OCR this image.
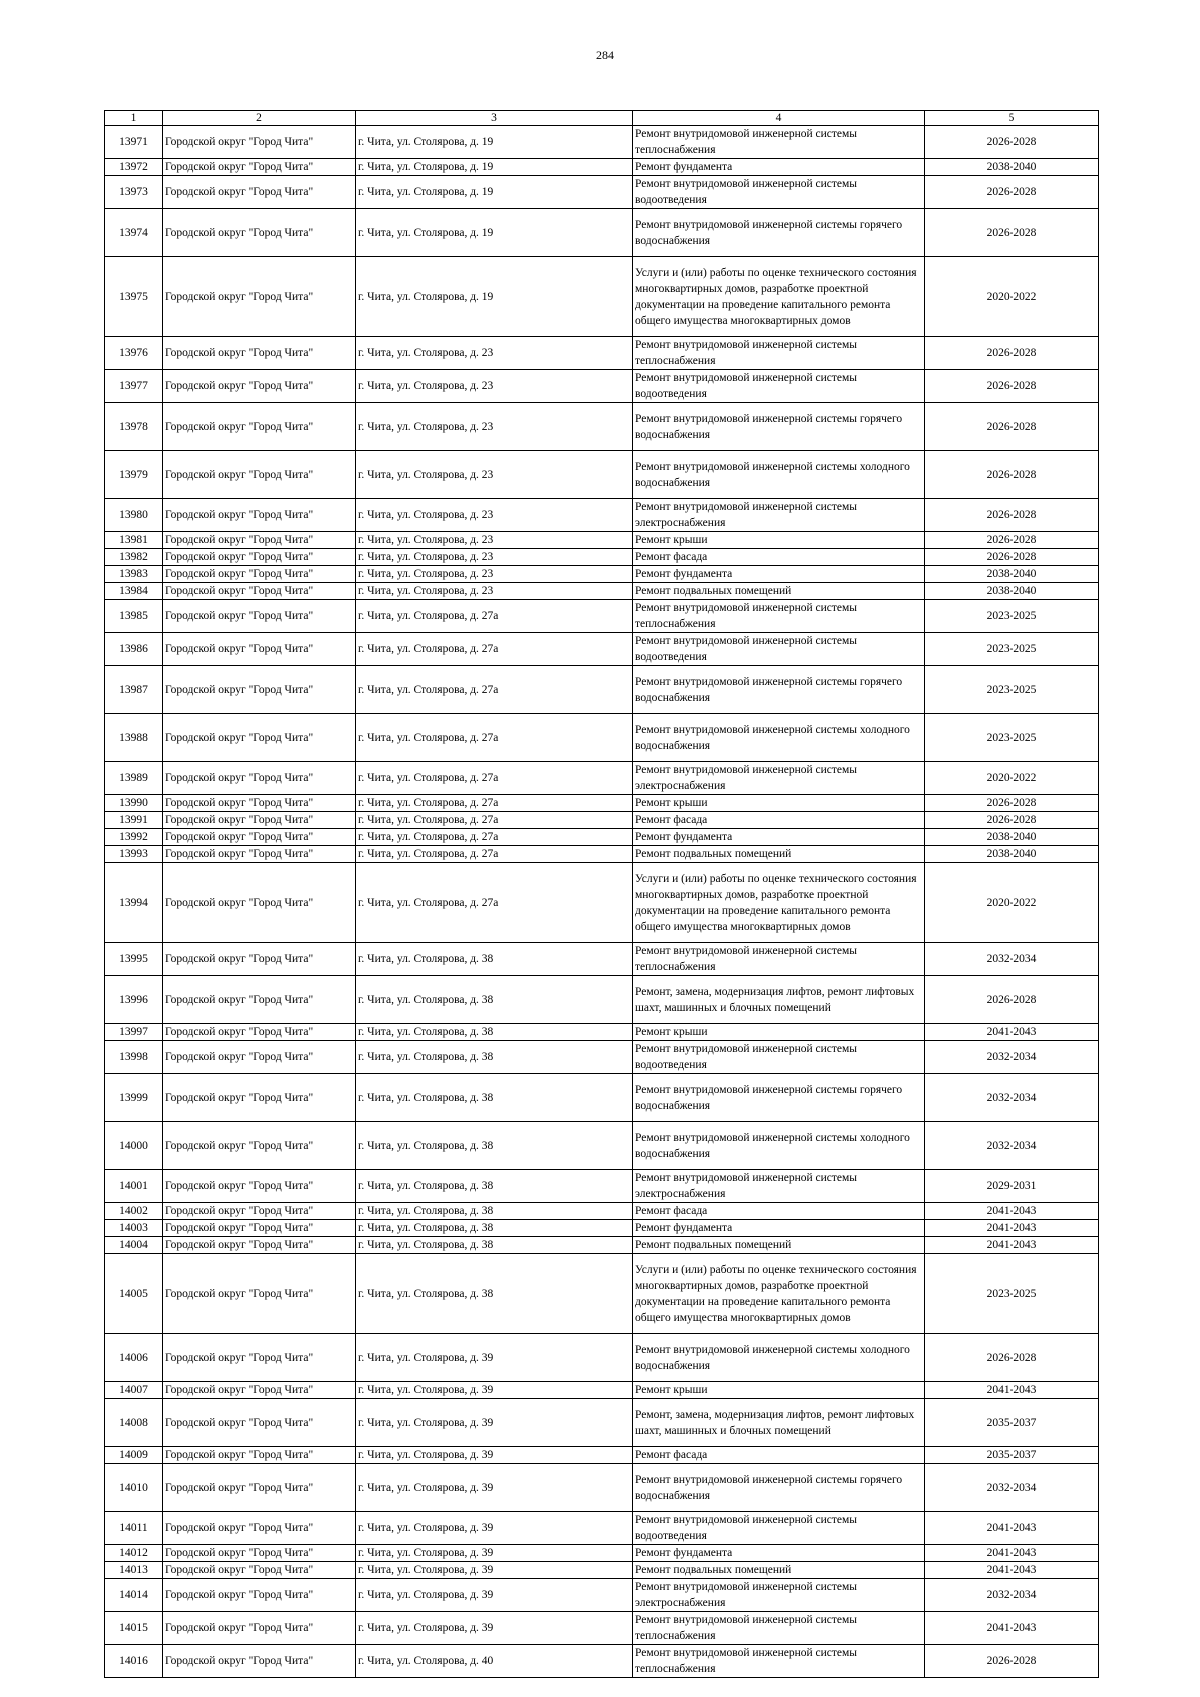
284
1	2	3	4	5
13971	Городской округ "Город Чита"	г. Чита, ул. Столярова, д. 19	Ремонт внутридомовой инженерной системы теплоснабжения	2026-2028
13972	Городской округ "Город Чита"	г. Чита, ул. Столярова, д. 19	Ремонт фундамента	2038-2040
13973	Городской округ "Город Чита"	г. Чита, ул. Столярова, д. 19	Ремонт внутридомовой инженерной системы водоотведения	2026-2028
13974	Городской округ "Город Чита"	г. Чита, ул. Столярова, д. 19	Ремонт внутридомовой инженерной системы горячего водоснабжения	2026-2028
13975	Городской округ "Город Чита"	г. Чита, ул. Столярова, д. 19	Услуги и (или) работы по оценке технического состояния многоквартирных домов, разработке проектной документации на проведение капитального ремонта общего имущества многоквартирных домов	2020-2022
13976	Городской округ "Город Чита"	г. Чита, ул. Столярова, д. 23	Ремонт внутридомовой инженерной системы теплоснабжения	2026-2028
13977	Городской округ "Город Чита"	г. Чита, ул. Столярова, д. 23	Ремонт внутридомовой инженерной системы водоотведения	2026-2028
13978	Городской округ "Город Чита"	г. Чита, ул. Столярова, д. 23	Ремонт внутридомовой инженерной системы горячего водоснабжения	2026-2028
13979	Городской округ "Город Чита"	г. Чита, ул. Столярова, д. 23	Ремонт внутридомовой инженерной системы холодного водоснабжения	2026-2028
13980	Городской округ "Город Чита"	г. Чита, ул. Столярова, д. 23	Ремонт внутридомовой инженерной системы электроснабжения	2026-2028
13981	Городской округ "Город Чита"	г. Чита, ул. Столярова, д. 23	Ремонт крыши	2026-2028
13982	Городской округ "Город Чита"	г. Чита, ул. Столярова, д. 23	Ремонт фасада	2026-2028
13983	Городской округ "Город Чита"	г. Чита, ул. Столярова, д. 23	Ремонт фундамента	2038-2040
13984	Городской округ "Город Чита"	г. Чита, ул. Столярова, д. 23	Ремонт подвальных помещений	2038-2040
13985	Городской округ "Город Чита"	г. Чита, ул. Столярова, д. 27а	Ремонт внутридомовой инженерной системы теплоснабжения	2023-2025
13986	Городской округ "Город Чита"	г. Чита, ул. Столярова, д. 27а	Ремонт внутридомовой инженерной системы водоотведения	2023-2025
13987	Городской округ "Город Чита"	г. Чита, ул. Столярова, д. 27а	Ремонт внутридомовой инженерной системы горячего водоснабжения	2023-2025
13988	Городской округ "Город Чита"	г. Чита, ул. Столярова, д. 27а	Ремонт внутридомовой инженерной системы холодного водоснабжения	2023-2025
13989	Городской округ "Город Чита"	г. Чита, ул. Столярова, д. 27а	Ремонт внутридомовой инженерной системы электроснабжения	2020-2022
13990	Городской округ "Город Чита"	г. Чита, ул. Столярова, д. 27а	Ремонт крыши	2026-2028
13991	Городской округ "Город Чита"	г. Чита, ул. Столярова, д. 27а	Ремонт фасада	2026-2028
13992	Городской округ "Город Чита"	г. Чита, ул. Столярова, д. 27а	Ремонт фундамента	2038-2040
13993	Городской округ "Город Чита"	г. Чита, ул. Столярова, д. 27а	Ремонт подвальных помещений	2038-2040
13994	Городской округ "Город Чита"	г. Чита, ул. Столярова, д. 27а	Услуги и (или) работы по оценке технического состояния многоквартирных домов, разработке проектной документации на проведение капитального ремонта общего имущества многоквартирных домов	2020-2022
13995	Городской округ "Город Чита"	г. Чита, ул. Столярова, д. 38	Ремонт внутридомовой инженерной системы теплоснабжения	2032-2034
13996	Городской округ "Город Чита"	г. Чита, ул. Столярова, д. 38	Ремонт, замена, модернизация лифтов, ремонт лифтовых шахт, машинных и блочных помещений	2026-2028
13997	Городской округ "Город Чита"	г. Чита, ул. Столярова, д. 38	Ремонт крыши	2041-2043
13998	Городской округ "Город Чита"	г. Чита, ул. Столярова, д. 38	Ремонт внутридомовой инженерной системы водоотведения	2032-2034
13999	Городской округ "Город Чита"	г. Чита, ул. Столярова, д. 38	Ремонт внутридомовой инженерной системы горячего водоснабжения	2032-2034
14000	Городской округ "Город Чита"	г. Чита, ул. Столярова, д. 38	Ремонт внутридомовой инженерной системы холодного водоснабжения	2032-2034
14001	Городской округ "Город Чита"	г. Чита, ул. Столярова, д. 38	Ремонт внутридомовой инженерной системы электроснабжения	2029-2031
14002	Городской округ "Город Чита"	г. Чита, ул. Столярова, д. 38	Ремонт фасада	2041-2043
14003	Городской округ "Город Чита"	г. Чита, ул. Столярова, д. 38	Ремонт фундамента	2041-2043
14004	Городской округ "Город Чита"	г. Чита, ул. Столярова, д. 38	Ремонт подвальных помещений	2041-2043
14005	Городской округ "Город Чита"	г. Чита, ул. Столярова, д. 38	Услуги и (или) работы по оценке технического состояния многоквартирных домов, разработке проектной документации на проведение капитального ремонта общего имущества многоквартирных домов	2023-2025
14006	Городской округ "Город Чита"	г. Чита, ул. Столярова, д. 39	Ремонт внутридомовой инженерной системы холодного водоснабжения	2026-2028
14007	Городской округ "Город Чита"	г. Чита, ул. Столярова, д. 39	Ремонт крыши	2041-2043
14008	Городской округ "Город Чита"	г. Чита, ул. Столярова, д. 39	Ремонт, замена, модернизация лифтов, ремонт лифтовых шахт, машинных и блочных помещений	2035-2037
14009	Городской округ "Город Чита"	г. Чита, ул. Столярова, д. 39	Ремонт фасада	2035-2037
14010	Городской округ "Город Чита"	г. Чита, ул. Столярова, д. 39	Ремонт внутридомовой инженерной системы горячего водоснабжения	2032-2034
14011	Городской округ "Город Чита"	г. Чита, ул. Столярова, д. 39	Ремонт внутридомовой инженерной системы водоотведения	2041-2043
14012	Городской округ "Город Чита"	г. Чита, ул. Столярова, д. 39	Ремонт фундамента	2041-2043
14013	Городской округ "Город Чита"	г. Чита, ул. Столярова, д. 39	Ремонт подвальных помещений	2041-2043
14014	Городской округ "Город Чита"	г. Чита, ул. Столярова, д. 39	Ремонт внутридомовой инженерной системы электроснабжения	2032-2034
14015	Городской округ "Город Чита"	г. Чита, ул. Столярова, д. 39	Ремонт внутридомовой инженерной системы теплоснабжения	2041-2043
14016	Городской округ "Город Чита"	г. Чита, ул. Столярова, д. 40	Ремонт внутридомовой инженерной системы теплоснабжения	2026-2028
